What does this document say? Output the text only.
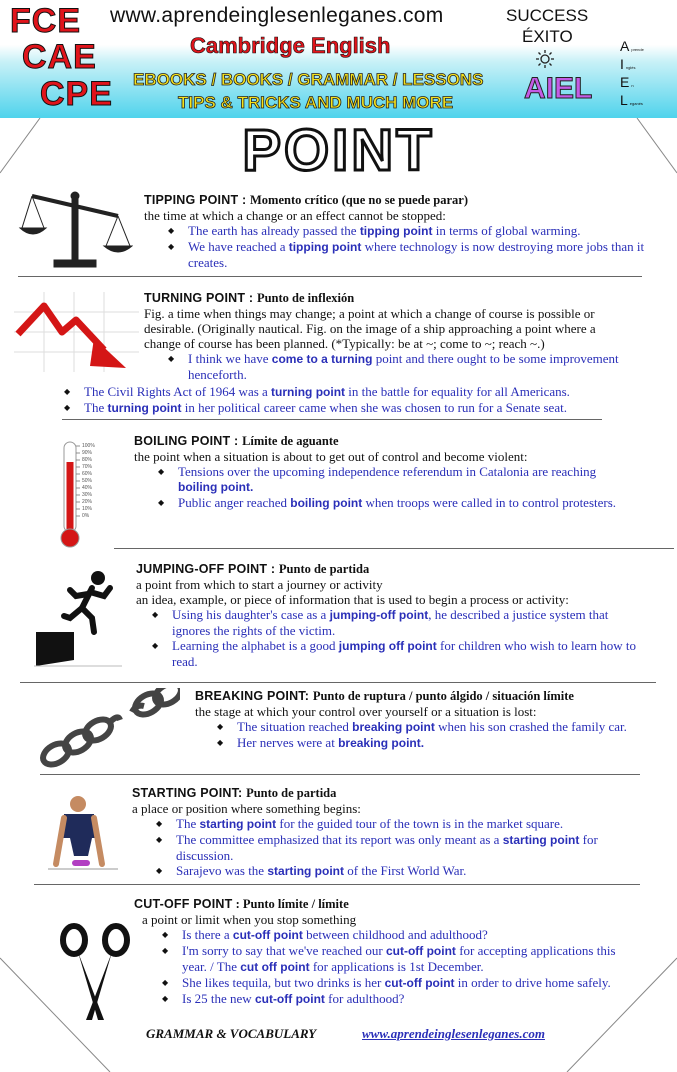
FCE
CAE
CPE
www.aprendeinglesenleganes.com
Cambridge English
EBOOKS / BOOKS / GRAMMAR / LESSONS
TIPS & TRICKS AND MUCH MORE
SUCCESS
ÉXITO
AIEL
Aprende
Inglés
En
Leganés
POINT
TIPPING POINT : Momento crítico (que no se puede parar)
the time at which a change or an effect cannot be stopped:
◆ The earth has already passed the tipping point in terms of global warming.
◆ We have reached a tipping point where technology is now destroying more jobs than it creates.
TURNING POINT : Punto de inflexión
Fig. a time when things may change; a point at which a change of course is possible or desirable. (Originally nautical. Fig. on the image of a ship approaching a point where a change of course has been planned. (*Typically: be at ~; come to ~; reach ~.)
◆ I think we have come to a turning point and there ought to be some improvement henceforth.
◆ The Civil Rights Act of 1964 was a turning point in the battle for equality for all Americans.
◆ The turning point in her political career came when she was chosen to run for a Senate seat.
100%
90%
80%
70%
60%
50%
40%
30%
20%
10%
0%
BOILING POINT : Límite de aguante
the point when a situation is about to get out of control and become violent:
◆ Tensions over the upcoming independence referendum in Catalonia are reaching boiling point.
◆ Public anger reached boiling point when troops were called in to control protesters.
JUMPING-OFF POINT : Punto de partida
a point from which to start a journey or activity
an idea, example, or piece of information that is used to begin a process or activity:
◆ Using his daughter's case as a jumping-off point, he described a justice system that ignores the rights of the victim.
◆ Learning the alphabet is a good jumping off point for children who wish to learn how to read.
BREAKING POINT: Punto de ruptura / punto álgido / situación límite
the stage at which your control over yourself or a situation is lost:
◆ The situation reached breaking point when his son crashed the family car.
◆ Her nerves were at breaking point.
STARTING POINT: Punto de partida
a place or position where something begins:
◆ The starting point for the guided tour of the town is in the market square.
◆ The committee emphasized that its report was only meant as a starting point for discussion.
◆ Sarajevo was the starting point of the First World War.
CUT-OFF POINT : Punto límite / límite
a point or limit when you stop something
◆ Is there a cut-off point between childhood and adulthood?
◆ I'm sorry to say that we've reached our cut-off point for accepting applications this year. / The cut off point for applications is 1st December.
◆ She likes tequila, but two drinks is her cut-off point in order to drive home safely.
◆ Is 25 the new cut-off point for adulthood?
GRAMMAR & VOCABULARY	www.aprendeinglesenleganes.com
